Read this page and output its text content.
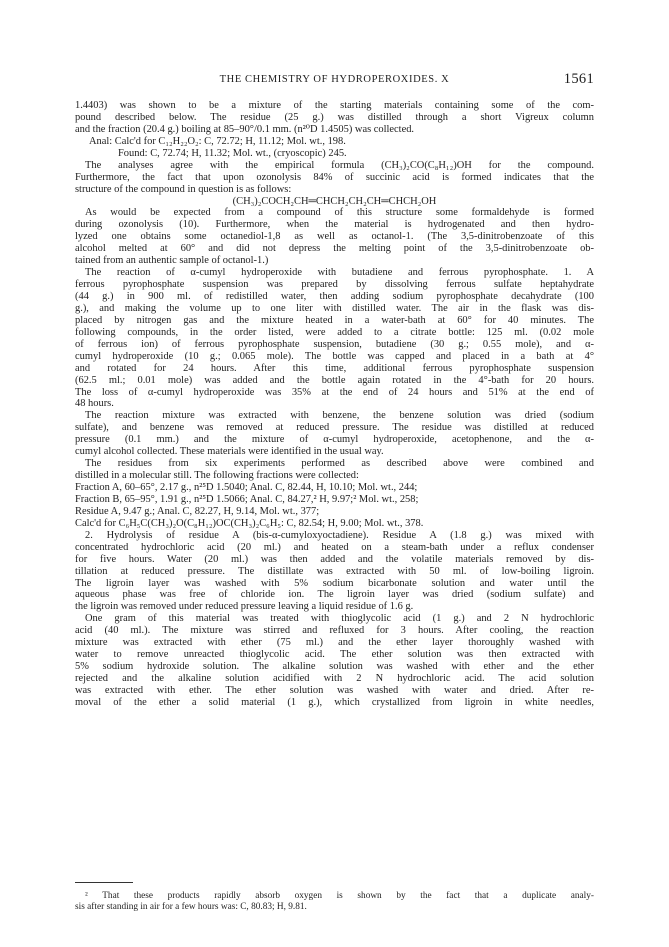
THE CHEMISTRY OF HYDROPEROXIDES. X	1561
1.4403) was shown to be a mixture of the starting materials containing some of the com-
pound described below. The residue (25 g.) was distilled through a short Vigreux column
and the fraction (20.4 g.) boiling at 85–90°/0.1 mm. (n²⁰D 1.4505) was collected.
Anal: Calc'd for C₁₂H₂₂O₂: C, 72.72; H, 11.12; Mol. wt., 198.
Found: C, 72.74; H, 11.32; Mol. wt., (cryoscopic) 245.
The analyses agree with the empirical formula (CH₃)₂CO(C₈H₁₂)OH for the compound.
Furthermore, the fact that upon ozonolysis 84% of succinic acid is formed indicates that the
structure of the compound in question is as follows:
(CH₃)₂COCH₂CH═CHCH₂CH₂CH═CHCH₂OH
As would be expected from a compound of this structure some formaldehyde is formed
during ozonolysis (10). Furthermore, when the material is hydrogenated and then hydro-
lyzed one obtains some octanediol-1,8 as well as octanol-1. (The 3,5-dinitrobenzoate of this
alcohol melted at 60° and did not depress the melting point of the 3,5-dinitrobenzoate ob-
tained from an authentic sample of octanol-1.)
The reaction of α-cumyl hydroperoxide with butadiene and ferrous pyrophosphate. 1. A
ferrous pyrophosphate suspension was prepared by dissolving ferrous sulfate heptahydrate
(44 g.) in 900 ml. of redistilled water, then adding sodium pyrophosphate decahydrate (100
g.), and making the volume up to one liter with distilled water. The air in the flask was dis-
placed by nitrogen gas and the mixture heated in a water-bath at 60° for 40 minutes. The
following compounds, in the order listed, were added to a citrate bottle: 125 ml. (0.02 mole
of ferrous ion) of ferrous pyrophosphate suspension, butadiene (30 g.; 0.55 mole), and α-
cumyl hydroperoxide (10 g.; 0.065 mole). The bottle was capped and placed in a bath at 4°
and rotated for 24 hours. After this time, additional ferrous pyrophosphate suspension
(62.5 ml.; 0.01 mole) was added and the bottle again rotated in the 4°-bath for 20 hours.
The loss of α-cumyl hydroperoxide was 35% at the end of 24 hours and 51% at the end of
48 hours.
The reaction mixture was extracted with benzene, the benzene solution was dried (sodium
sulfate), and benzene was removed at reduced pressure. The residue was distilled at reduced
pressure (0.1 mm.) and the mixture of α-cumyl hydroperoxide, acetophenone, and the α-
cumyl alcohol collected. These materials were identified in the usual way.
The residues from six experiments performed as described above were combined and
distilled in a molecular still. The following fractions were collected:
Fraction A, 60–65°, 2.17 g., n²⁵D 1.5040; Anal. C, 82.44, H, 10.10; Mol. wt., 244;
Fraction B, 65–95°, 1.91 g., n²⁵D 1.5066; Anal. C, 84.27,² H, 9.97;² Mol. wt., 258;
Residue A, 9.47 g.; Anal. C, 82.27, H, 9.14, Mol. wt., 377;
Calc'd for C₆H₅C(CH₃)₂O(C₈H₁₂)OC(CH₃)₂C₆H₅: C, 82.54; H, 9.00; Mol. wt., 378.
2. Hydrolysis of residue A (bis-α-cumyloxyoctadiene). Residue A (1.8 g.) was mixed with
concentrated hydrochloric acid (20 ml.) and heated on a steam-bath under a reflux condenser
for five hours. Water (20 ml.) was then added and the volatile materials removed by dis-
tillation at reduced pressure. The distillate was extracted with 50 ml. of low-boiling ligroin.
The ligroin layer was washed with 5% sodium bicarbonate solution and water until the
aqueous phase was free of chloride ion. The ligroin layer was dried (sodium sulfate) and
the ligroin was removed under reduced pressure leaving a liquid residue of 1.6 g.
One gram of this material was treated with thioglycolic acid (1 g.) and 2 N hydrochloric
acid (40 ml.). The mixture was stirred and refluxed for 3 hours. After cooling, the reaction
mixture was extracted with ether (75 ml.) and the ether layer thoroughly washed with
water to remove unreacted thioglycolic acid. The ether solution was then extracted with
5% sodium hydroxide solution. The alkaline solution was washed with ether and the ether
rejected and the alkaline solution acidified with 2 N hydrochloric acid. The acid solution
was extracted with ether. The ether solution was washed with water and dried. After re-
moval of the ether a solid material (1 g.), which crystallized from ligroin in white needles,
² That these products rapidly absorb oxygen is shown by the fact that a duplicate analy-
sis after standing in air for a few hours was: C, 80.83; H, 9.81.
